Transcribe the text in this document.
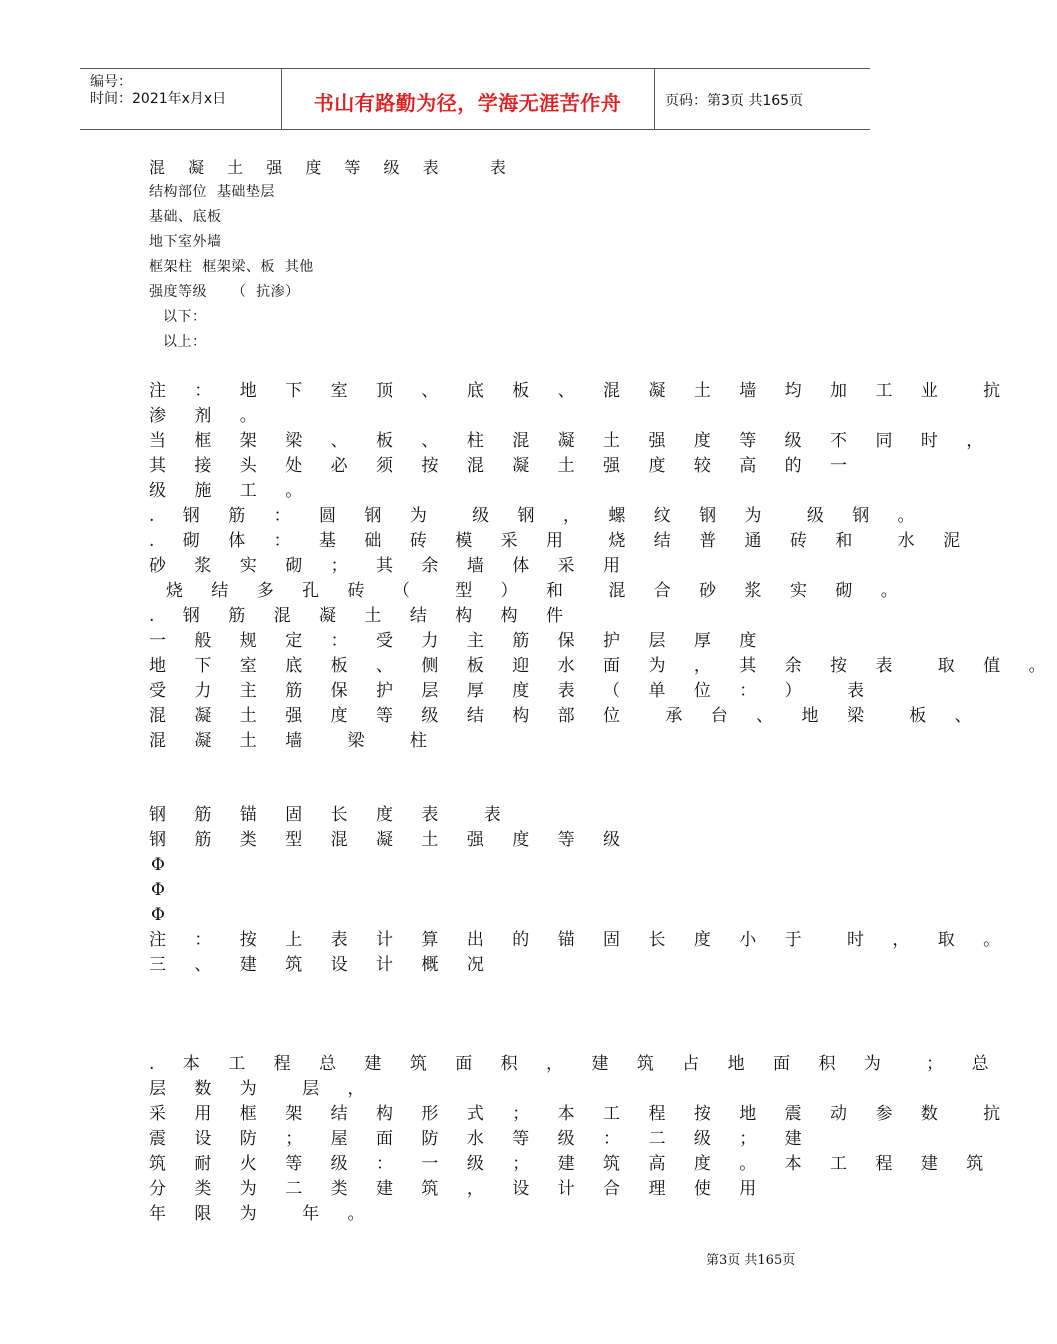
编号：
时间：2021年x月x日	书山有路勤为径，学海无涯苦作舟	页码：第3页 共165页
混 凝 土 强 度 等 级 表   表
结构部位  基础垫层
基础、底板
地下室外墙
框架柱  框架梁、板  其他
强度等级     （  抗渗）
以下：
以上：
注 ： 地 下 室 顶 、 底 板 、 混 凝 土 墙 均 加 工 业  抗
渗 剂 。
当 框 架 梁 、 板 、 柱 混 凝 土 强 度 等 级 不 同 时 ，
其 接 头 处 必 须 按 混 凝 土 强 度 较 高 的 一
级 施 工 。
. 钢 筋 ： 圆 钢 为  级 钢 ， 螺 纹 钢 为  级 钢 。
. 砌 体 ： 基 础 砖 模 采 用  烧 结 普 通 砖 和  水 泥
砂 浆 实 砌 ； 其 余 墙 体 采 用
烧 结 多 孔 砖 （  型 ） 和  混 合 砂 浆 实 砌 。
. 钢 筋 混 凝 土 结 构 构 件
一 般 规 定 ： 受 力 主 筋 保 护 层 厚 度
地 下 室 底 板 、 侧 板 迎 水 面 为 ， 其 余 按 表  取 值 。
受 力 主 筋 保 护 层 厚 度 表 （ 单 位 ： ）  表
混 凝 土 强 度 等 级 结 构 部 位  承 台 、 地 梁  板 、
混 凝 土 墙  梁  柱
钢 筋 锚 固 长 度 表  表
钢 筋 类 型 混 凝 土 强 度 等 级
Φ
Φ
Φ
注 ： 按 上 表 计 算 出 的 锚 固 长 度 小 于  时 ， 取 。
三 、 建 筑 设 计 概 况
. 本 工 程 总 建 筑 面 积 ， 建 筑 占 地 面 积 为  ； 总
层 数 为  层 ，
采 用 框 架 结 构 形 式 ； 本 工 程 按 地 震 动 参 数  抗
震 设 防 ； 屋 面 防 水 等 级 ： 二 级 ； 建
筑 耐 火 等 级 ： 一 级 ； 建 筑 高 度 。 本 工 程 建 筑
分 类 为 二 类 建 筑 ， 设 计 合 理 使 用
年 限 为  年 。
第3页 共165页
